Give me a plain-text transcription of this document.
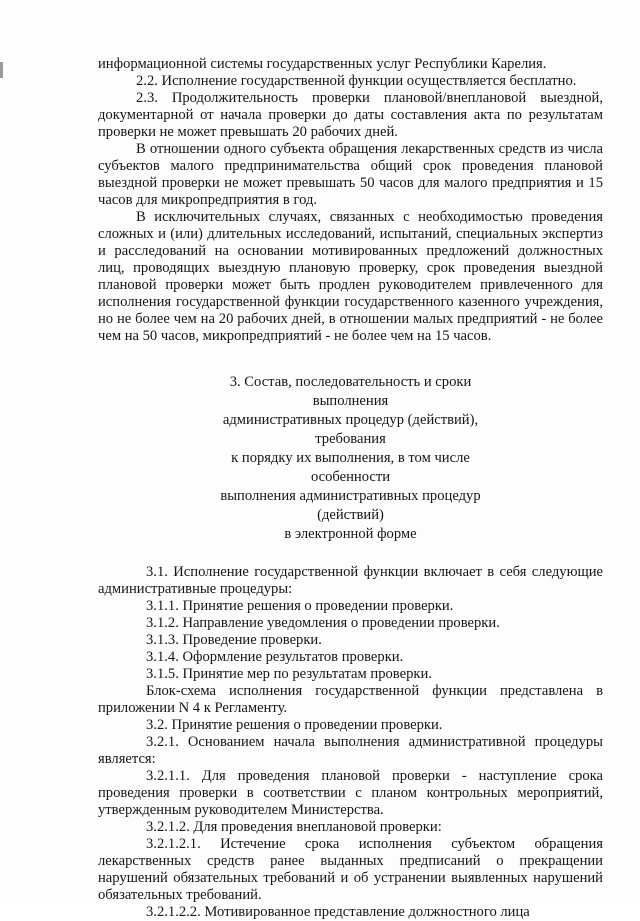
информационной системы государственных услуг Республики Карелия.

2.2. Исполнение государственной функции осуществляется бесплатно.

2.3. Продолжительность проверки плановой/внеплановой выездной, документарной от начала проверки до даты составления акта по результатам проверки не может превышать 20 рабочих дней.

В отношении одного субъекта обращения лекарственных средств из числа субъектов малого предпринимательства общий срок проведения плановой выездной проверки не может превышать 50 часов для малого предприятия и 15 часов для микропредприятия в год.

В исключительных случаях, связанных с необходимостью проведения сложных и (или) длительных исследований, испытаний, специальных экспертиз и расследований на основании мотивированных предложений должностных лиц, проводящих выездную плановую проверку, срок проведения выездной плановой проверки может быть продлен руководителем привлеченного для исполнения государственной функции государственного казенного учреждения, но не более чем на 20 рабочих дней, в отношении малых предприятий - не более чем на 50 часов, микропредприятий - не более чем на 15 часов.

3. Состав, последовательность и сроки выполнения
административных процедур (действий), требования
к порядку их выполнения, в том числе особенности
выполнения административных процедур (действий)
в электронной форме

3.1. Исполнение государственной функции включает в себя следующие административные процедуры:

3.1.1. Принятие решения о проведении проверки.

3.1.2. Направление уведомления о проведении проверки.

3.1.3. Проведение проверки.

3.1.4. Оформление результатов проверки.

3.1.5. Принятие мер по результатам проверки.

Блок-схема исполнения государственной функции представлена в приложении N 4 к Регламенту.

3.2. Принятие решения о проведении проверки.

3.2.1. Основанием начала выполнения административной процедуры является:

3.2.1.1. Для проведения плановой проверки - наступление срока проведения проверки в соответствии с планом контрольных мероприятий, утвержденным руководителем Министерства.

3.2.1.2. Для проведения внеплановой проверки:

3.2.1.2.1. Истечение срока исполнения субъектом обращения лекарственных средств ранее выданных предписаний о прекращении нарушений обязательных требований и об устранении выявленных нарушений обязательных требований.

3.2.1.2.2. Мотивированное представление должностного лица
